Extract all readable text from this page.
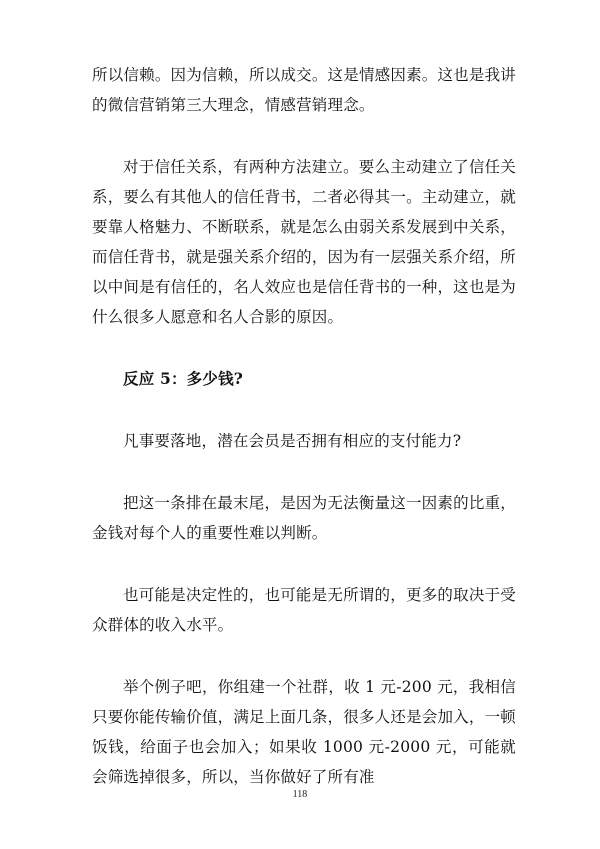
所以信赖。因为信赖，所以成交。这是情感因素。这也是我讲的微信营销第三大理念，情感营销理念。

对于信任关系，有两种方法建立。要么主动建立了信任关系，要么有其他人的信任背书，二者必得其一。主动建立，就要靠人格魅力、不断联系，就是怎么由弱关系发展到中关系，而信任背书，就是强关系介绍的，因为有一层强关系介绍，所以中间是有信任的，名人效应也是信任背书的一种，这也是为什么很多人愿意和名人合影的原因。

反应 5：多少钱?

凡事要落地，潜在会员是否拥有相应的支付能力?

把这一条排在最末尾，是因为无法衡量这一因素的比重，金钱对每个人的重要性难以判断。

也可能是决定性的，也可能是无所谓的，更多的取决于受众群体的收入水平。

举个例子吧，你组建一个社群，收 1 元-200 元，我相信只要你能传输价值，满足上面几条，很多人还是会加入，一顿饭钱，给面子也会加入；如果收 1000 元-2000 元，可能就会筛选掉很多，所以，当你做好了所有准

118
